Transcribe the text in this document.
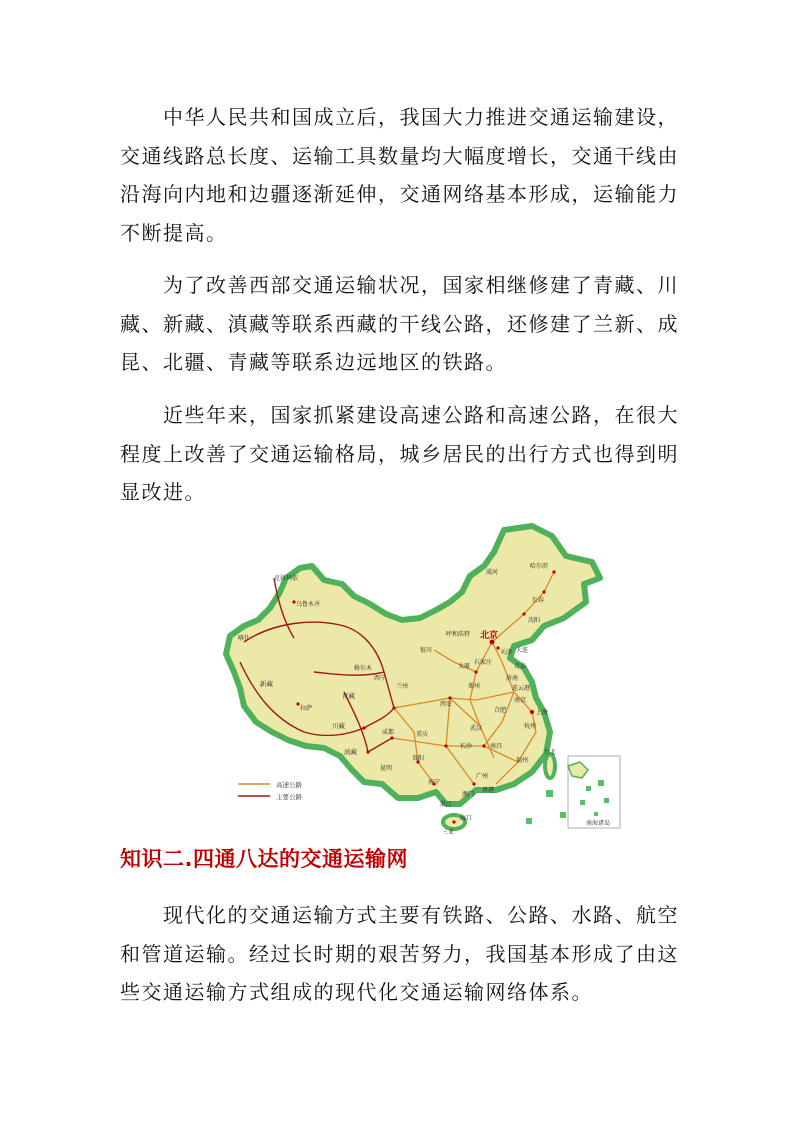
中华人民共和国成立后，我国大力推进交通运输建设，
交通线路总长度、运输工具数量均大幅度增长，交通干线由
沿海向内地和边疆逐渐延伸，交通网络基本形成，运输能力
不断提高。
为了改善西部交通运输状况，国家相继修建了青藏、川
藏、新藏、滇藏等联系西藏的干线公路，还修建了兰新、成
昆、北疆、青藏等联系边远地区的铁路。
近些年来，国家抓紧建设高速公路和高速公路，在很大
程度上改善了交通运输格局，城乡居民的出行方式也得到明
显改进。
北京
天津
上海
哈尔滨
长春
沈阳
大连
石家庄
太原
呼和浩特
银川
兰州
西宁
西安
郑州
济南
南京
合肥
杭州
武汉
长沙	南昌
福州
台北
广州
香港
澳门
海口
三亚
南宁
贵阳
昆明
成都	重庆
拉萨
乌鲁木齐
格尔木
喀什
湛江
青岛
连云港
漠河
克拉玛依
新藏
川藏
青藏
滇藏
高速公路
主要公路
南海诸岛
知识二.四通八达的交通运输网
现代化的交通运输方式主要有铁路、公路、水路、航空
和管道运输。经过长时期的艰苦努力，我国基本形成了由这
些交通运输方式组成的现代化交通运输网络体系。
